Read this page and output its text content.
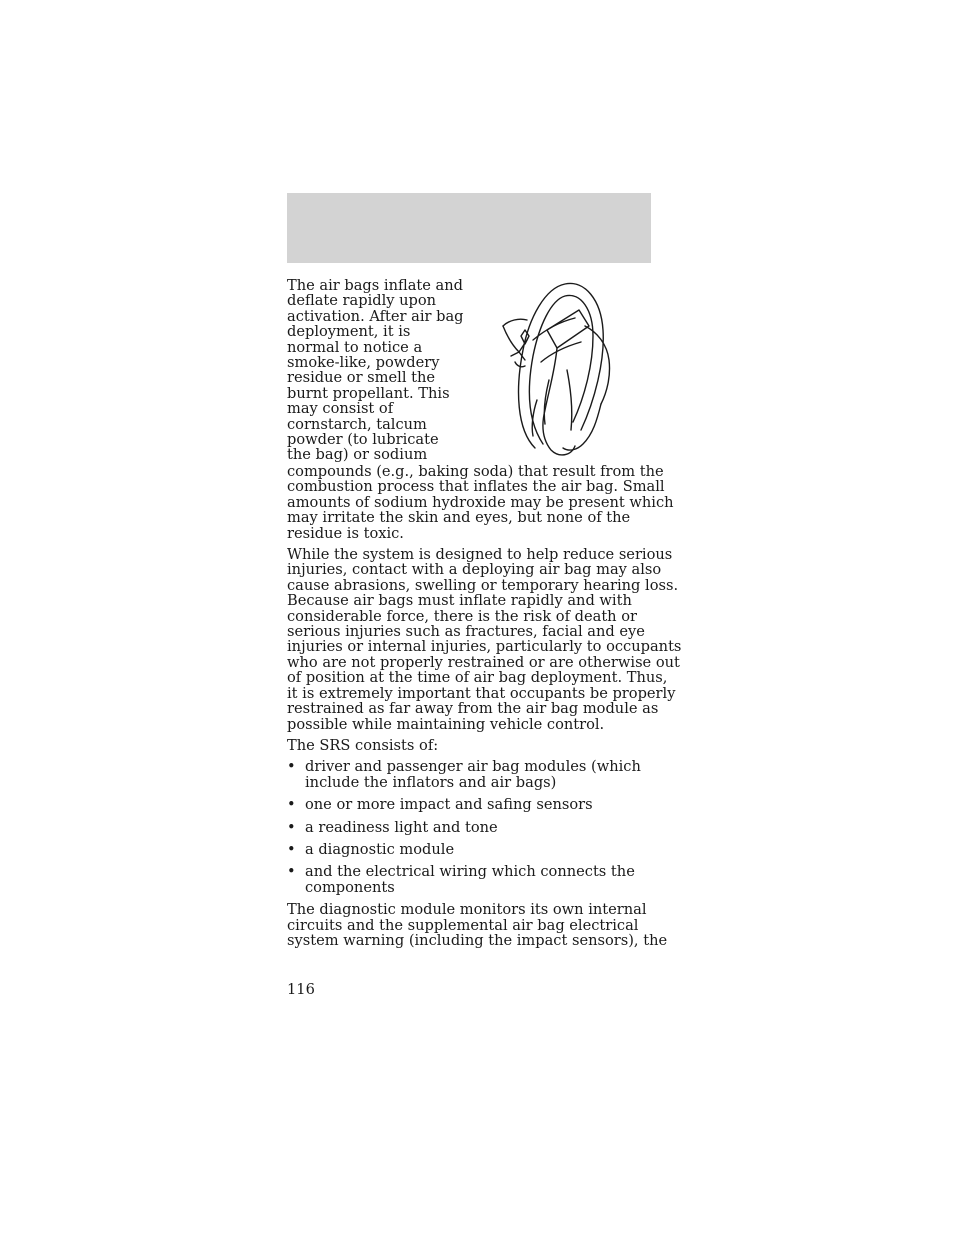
The air bags inflate and
deflate rapidly upon
activation. After air bag
deployment, it is
normal to notice a
smoke-like, powdery
residue or smell the
burnt propellant. This
may consist of
cornstarch, talcum
powder (to lubricate
the bag) or sodium
compounds (e.g., baking soda) that result from the
combustion process that inflates the air bag. Small
amounts of sodium hydroxide may be present which
may irritate the skin and eyes, but none of the
residue is toxic.
While the system is designed to help reduce serious
injuries, contact with a deploying air bag may also
cause abrasions, swelling or temporary hearing loss.
Because air bags must inflate rapidly and with
considerable force, there is the risk of death or
serious injuries such as fractures, facial and eye
injuries or internal injuries, particularly to occupants
who are not properly restrained or are otherwise out
of position at the time of air bag deployment. Thus,
it is extremely important that occupants be properly
restrained as far away from the air bag module as
possible while maintaining vehicle control.

The SRS consists of:

• driver and passenger air bag modules (which
include the inflators and air bags)
• one or more impact and safing sensors
• a readiness light and tone
• a diagnostic module
• and the electrical wiring which connects the
components
The diagnostic module monitors its own internal
circuits and the supplemental air bag electrical
system warning (including the impact sensors), the
116
